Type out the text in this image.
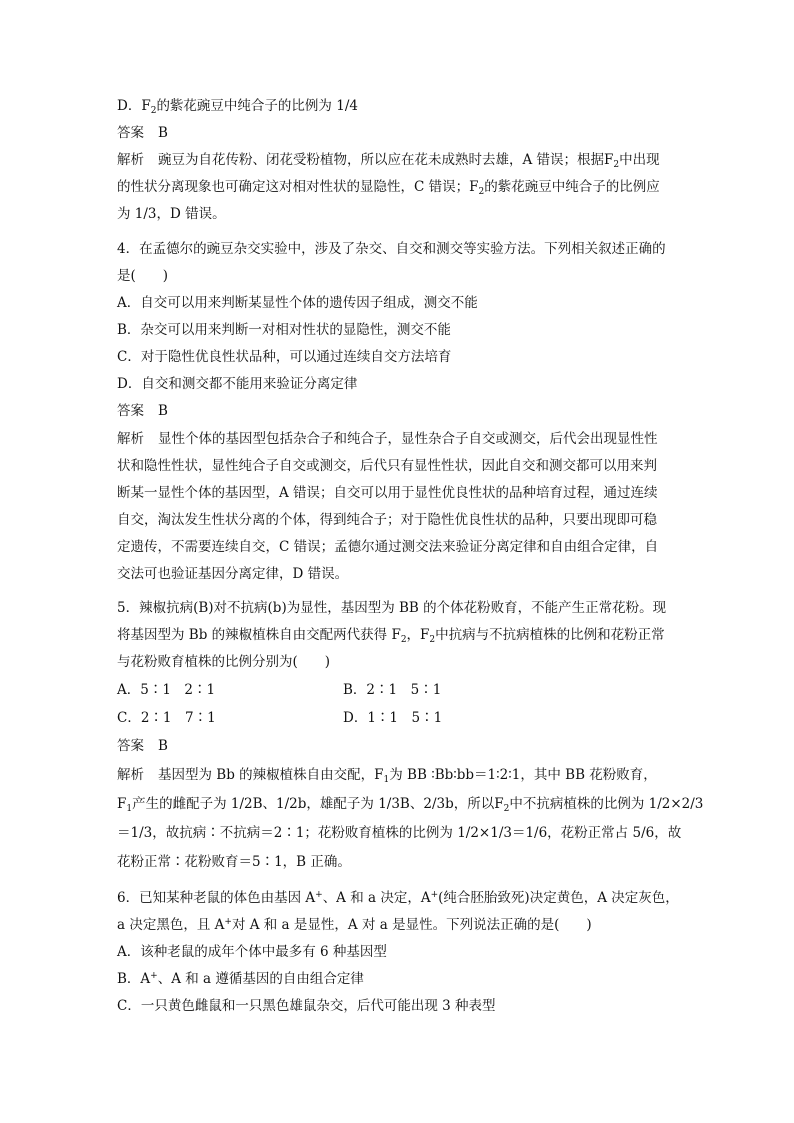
D．$F_2$的紫花豌豆中纯合子的比例为 1/4
答案 B
解析 豌豆为自花传粉、闭花受粉植物，所以应在花未成熟时去雄，A 错误；根据$F_2$中出现
的性状分离现象也可确定这对相对性状的显隐性，C 错误；$F_2$的紫花豌豆中纯合子的比例应
为 1/3，D 错误。
4．在孟德尔的豌豆杂交实验中，涉及了杂交、自交和测交等实验方法。下列相关叙述正确的
是(　　)
A．自交可以用来判断某显性个体的遗传因子组成，测交不能
B．杂交可以用来判断一对相对性状的显隐性，测交不能
C．对于隐性优良性状品种，可以通过连续自交方法培育
D．自交和测交都不能用来验证分离定律
答案 B
解析 显性个体的基因型包括杂合子和纯合子，显性杂合子自交或测交，后代会出现显性性
状和隐性性状，显性纯合子自交或测交，后代只有显性性状，因此自交和测交都可以用来判
断某一显性个体的基因型，A 错误；自交可以用于显性优良性状的品种培育过程，通过连续
自交，淘汰发生性状分离的个体，得到纯合子；对于隐性优良性状的品种，只要出现即可稳
定遗传，不需要连续自交，C 错误；孟德尔通过测交法来验证分离定律和自由组合定律，自
交法可也验证基因分离定律，D 错误。
5．辣椒抗病(B)对不抗病(b)为显性，基因型为 BB 的个体花粉败育，不能产生正常花粉。现
将基因型为 Bb 的辣椒植株自由交配两代获得 $F_2$，$F_2$中抗病与不抗病植株的比例和花粉正常
与花粉败育植株的比例分别为(　　)
A．5∶1　2∶1	B．2∶1　5∶1
C．2∶1　7∶1	D．1∶1　5∶1
答案 B
解析 基因型为 Bb 的辣椒植株自由交配，$F_1$为 BB ∶Bb∶bb＝1∶2∶1，其中 BB 花粉败育，
$F_1$产生的雌配子为 1/2B、1/2b，雄配子为 1/3B、2/3b，所以$F_2$中不抗病植株的比例为 1/2×2/3
＝1/3，故抗病∶不抗病＝2∶1；花粉败育植株的比例为 1/2×1/3＝1/6，花粉正常占 5/6，故
花粉正常∶花粉败育＝5∶1，B 正确。
6．已知某种老鼠的体色由基因 A+、A 和 a 决定，A+(纯合胚胎致死)决定黄色，A 决定灰色，
a 决定黑色，且 A+对 A 和 a 是显性，A 对 a 是显性。下列说法正确的是(　　)
A．该种老鼠的成年个体中最多有 6 种基因型
B．A+、A 和 a 遵循基因的自由组合定律
C．一只黄色雌鼠和一只黑色雄鼠杂交，后代可能出现 3 种表型
